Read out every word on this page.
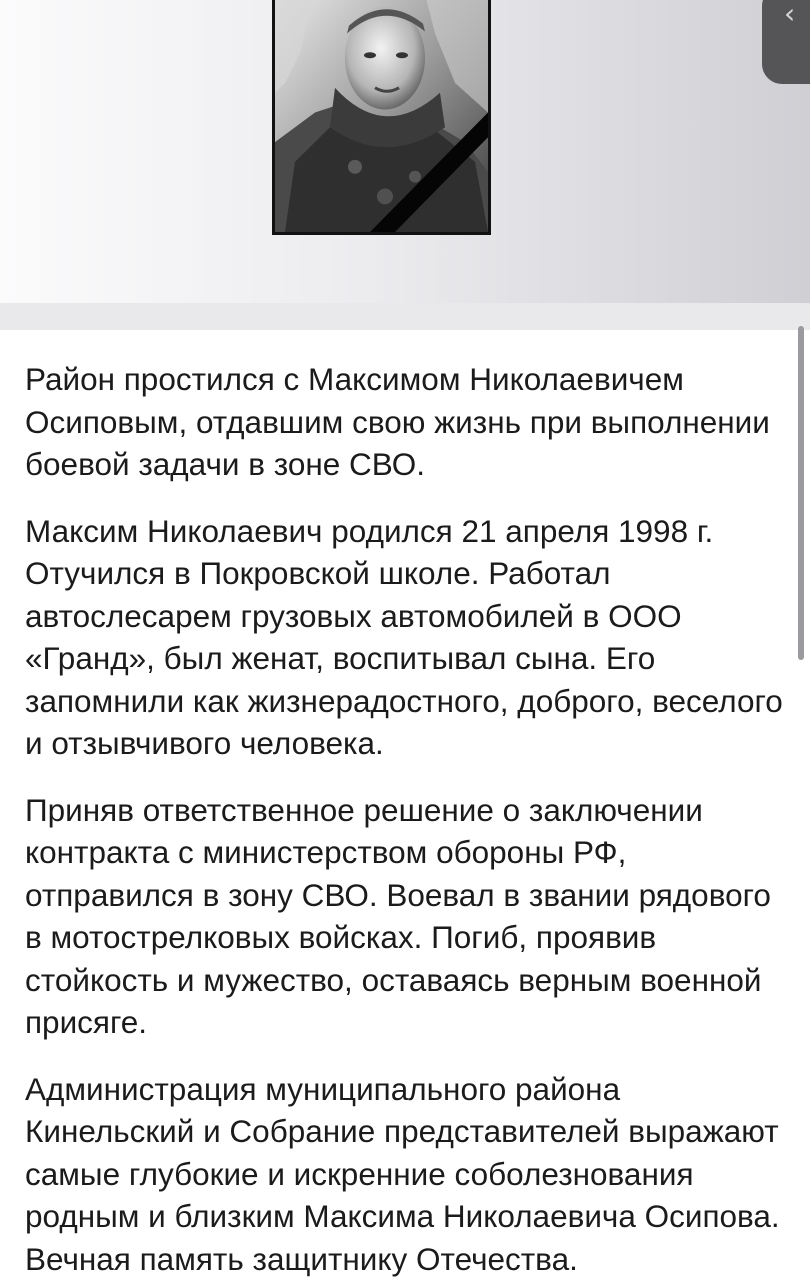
‹

Район простился с Максимом Николаевичем Осиповым, отдавшим свою жизнь при выполнении боевой задачи в зоне СВО.

Максим Николаевич родился 21 апреля 1998 г. Отучился в Покровской школе. Работал автослесарем грузовых автомобилей в ООО «Гранд», был женат, воспитывал сына. Его запомнили как жизнерадостного, доброго, веселого и отзывчивого человека.

Приняв ответственное решение о заключении контракта с министерством обороны РФ, отправился в зону СВО. Воевал в звании рядового в мотострелковых войсках. Погиб, проявив стойкость и мужество, оставаясь верным военной присяге.

Администрация муниципального района Кинельский и Собрание представителей выражают самые глубокие и искренние соболезнования родным и близким Максима Николаевича Осипова. Вечная память защитнику Отечества.
